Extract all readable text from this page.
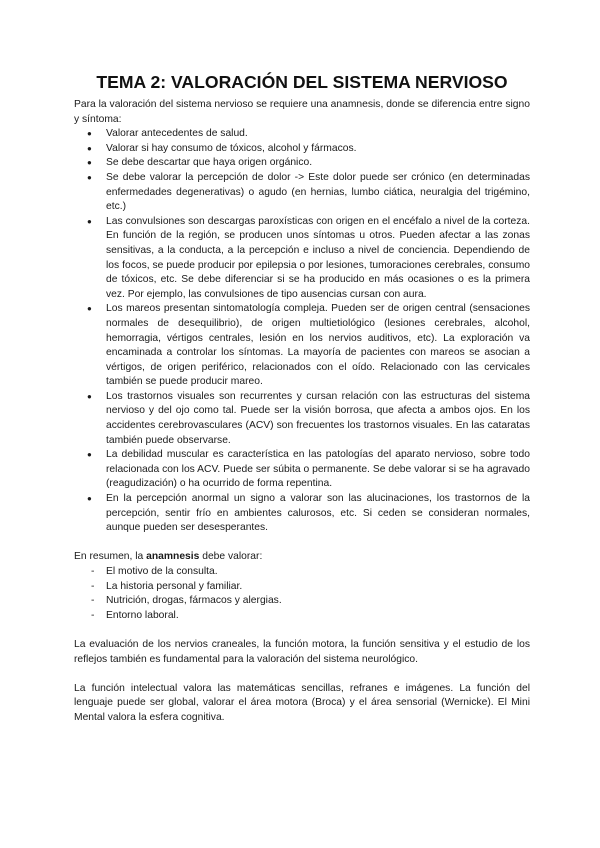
TEMA 2: VALORACIÓN DEL SISTEMA NERVIOSO

Para la valoración del sistema nervioso se requiere una anamnesis, donde se diferencia entre signo y síntoma:

● Valorar antecedentes de salud.
● Valorar si hay consumo de tóxicos, alcohol y fármacos.
● Se debe descartar que haya origen orgánico.
● Se debe valorar la percepción de dolor -> Este dolor puede ser crónico (en determinadas enfermedades degenerativas) o agudo (en hernias, lumbo ciática, neuralgia del trigémino, etc.)
● Las convulsiones son descargas paroxísticas con origen en el encéfalo a nivel de la corteza. En función de la región, se producen unos síntomas u otros. Pueden afectar a las zonas sensitivas, a la conducta, a la percepción e incluso a nivel de conciencia. Dependiendo de los focos, se puede producir por epilepsia o por lesiones, tumoraciones cerebrales, consumo de tóxicos, etc. Se debe diferenciar si se ha producido en más ocasiones o es la primera vez. Por ejemplo, las convulsiones de tipo ausencias cursan con aura.
● Los mareos presentan sintomatología compleja. Pueden ser de origen central (sensaciones normales de desequilibrio), de origen multietiológico (lesiones cerebrales, alcohol, hemorragia, vértigos centrales, lesión en los nervios auditivos, etc). La exploración va encaminada a controlar los síntomas. La mayoría de pacientes con mareos se asocian a vértigos, de origen periférico, relacionados con el oído. Relacionado con las cervicales también se puede producir mareo.
● Los trastornos visuales son recurrentes y cursan relación con las estructuras del sistema nervioso y del ojo como tal. Puede ser la visión borrosa, que afecta a ambos ojos. En los accidentes cerebrovasculares (ACV) son frecuentes los trastornos visuales. En las cataratas también puede observarse.
● La debilidad muscular es característica en las patologías del aparato nervioso, sobre todo relacionada con los ACV. Puede ser súbita o permanente. Se debe valorar si se ha agravado (reagudización) o ha ocurrido de forma repentina.
● En la percepción anormal un signo a valorar son las alucinaciones, los trastornos de la percepción, sentir frío en ambientes calurosos, etc. Si ceden se consideran normales, aunque pueden ser desesperantes.

En resumen, la anamnesis debe valorar:

- El motivo de la consulta.
- La historia personal y familiar.
- Nutrición, drogas, fármacos y alergias.
- Entorno laboral.

La evaluación de los nervios craneales, la función motora, la función sensitiva y el estudio de los reflejos también es fundamental para la valoración del sistema neurológico.

La función intelectual valora las matemáticas sencillas, refranes e imágenes. La función del lenguaje puede ser global, valorar el área motora (Broca) y el área sensorial (Wernicke). El Mini Mental valora la esfera cognitiva.
